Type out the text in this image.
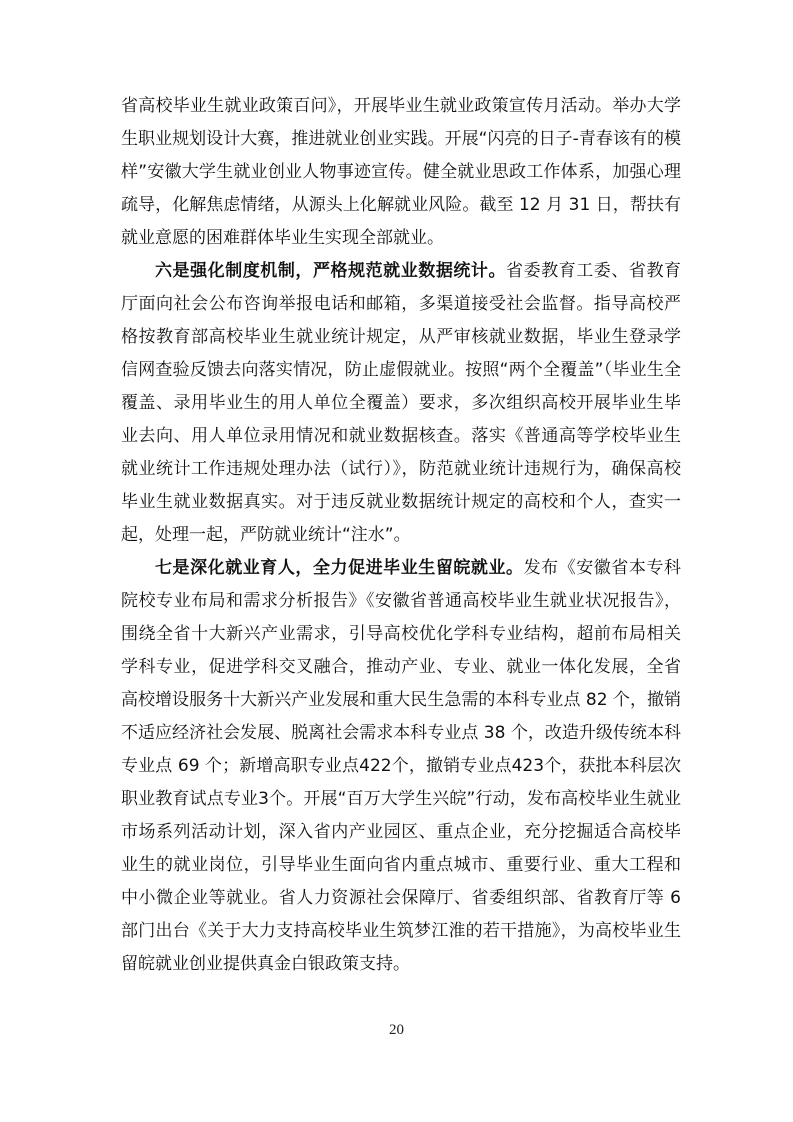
省高校毕业生就业政策百问》，开展毕业生就业政策宣传月活动。举办大学生职业规划设计大赛，推进就业创业实践。开展“闪亮的日子-青春该有的模样”安徽大学生就业创业人物事迹宣传。健全就业思政工作体系，加强心理疏导，化解焦虑情绪，从源头上化解就业风险。截至 12 月 31 日，帮扶有就业意愿的困难群体毕业生实现全部就业。

六是强化制度机制，严格规范就业数据统计。省委教育工委、省教育厅面向社会公布咨询举报电话和邮箱，多渠道接受社会监督。指导高校严格按教育部高校毕业生就业统计规定，从严审核就业数据，毕业生登录学信网查验反馈去向落实情况，防止虚假就业。按照“两个全覆盖”（毕业生全覆盖、录用毕业生的用人单位全覆盖）要求，多次组织高校开展毕业生毕业去向、用人单位录用情况和就业数据核查。落实《普通高等学校毕业生就业统计工作违规处理办法（试行）》，防范就业统计违规行为，确保高校毕业生就业数据真实。对于违反就业数据统计规定的高校和个人，查实一起，处理一起，严防就业统计“注水”。

七是深化就业育人，全力促进毕业生留皖就业。发布《安徽省本专科院校专业布局和需求分析报告》《安徽省普通高校毕业生就业状况报告》，围绕全省十大新兴产业需求，引导高校优化学科专业结构，超前布局相关学科专业，促进学科交叉融合，推动产业、专业、就业一体化发展，全省高校增设服务十大新兴产业发展和重大民生急需的本科专业点 82 个，撤销不适应经济社会发展、脱离社会需求本科专业点 38 个，改造升级传统本科专业点 69 个；新增高职专业点422个，撤销专业点423个，获批本科层次职业教育试点专业3个。开展“百万大学生兴皖”行动，发布高校毕业生就业市场系列活动计划，深入省内产业园区、重点企业，充分挖掘适合高校毕业生的就业岗位，引导毕业生面向省内重点城市、重要行业、重大工程和中小微企业等就业。省人力资源社会保障厅、省委组织部、省教育厅等 6 部门出台《关于大力支持高校毕业生筑梦江淮的若干措施》，为高校毕业生留皖就业创业提供真金白银政策支持。

20
